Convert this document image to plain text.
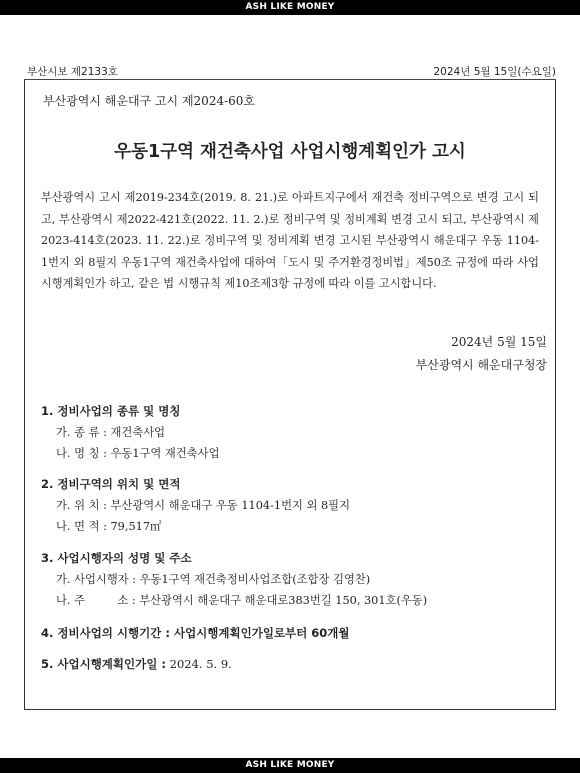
ASH LIKE MONEY
부산시보 제2133호	2024년 5월 15일(수요일)
부산광역시 해운대구 고시 제2024-60호
우동1구역 재건축사업 사업시행계획인가 고시

부산광역시 고시 제2019-234호(2019. 8. 21.)로 아파트지구에서 재건축 정비구역으로 변경 고시 되고, 부산광역시 제2022-421호(2022. 11. 2.)로 정비구역 및 정비계획 변경 고시 되고, 부산광역시 제2023-414호(2023. 11. 22.)로 정비구역 및 정비계획 변경 고시된 부산광역시 해운대구 우동 1104-1번지 외 8필지 우동1구역 재건축사업에 대하여「도시 및 주거환경정비법」제50조 규정에 따라 사업시행계획인가 하고, 같은 법 시행규칙 제10조제3항 규정에 따라 이를 고시합니다.

2024년 5월 15일
부산광역시 해운대구청장
1. 정비사업의 종류 및 명칭
가. 종 류 : 재건축사업
나. 명 칭 : 우동1구역 재건축사업
2. 정비구역의 위치 및 면적
가. 위 치 : 부산광역시 해운대구 우동 1104-1번지 외 8필지
나. 면 적 : 79,517㎡
3. 사업시행자의 성명 및 주소
가. 사업시행자 : 우동1구역 재건축정비사업조합(조합장 김영찬)
나. 주         소 : 부산광역시 해운대구 해운대로383번길 150, 301호(우동)
4. 정비사업의 시행기간 : 사업시행계획인가일로부터 60개월
5. 사업시행계획인가일 : 2024. 5. 9.
ASH LIKE MONEY
